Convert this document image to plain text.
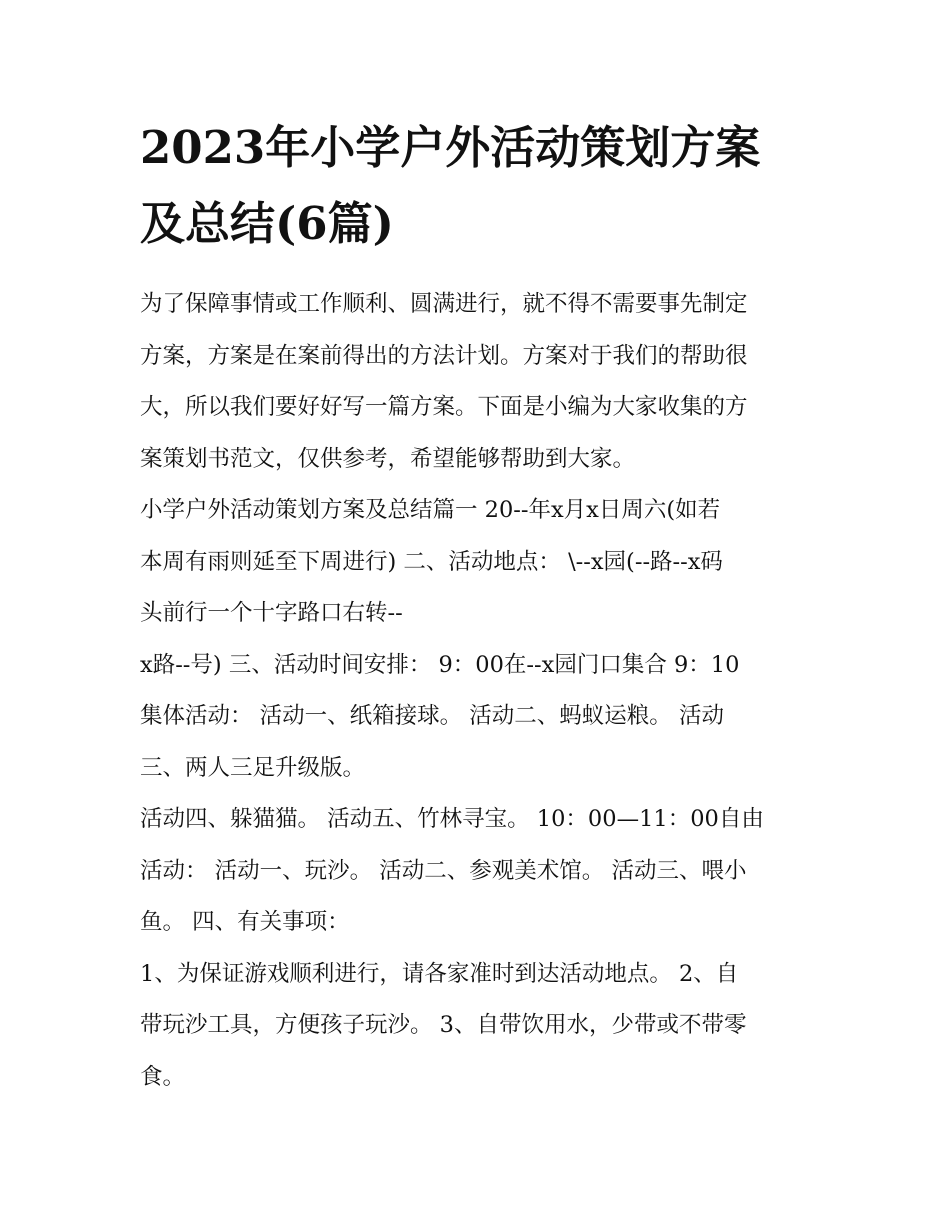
2023年小学户外活动策划方案
及总结(6篇)

为了保障事情或工作顺利、圆满进行，就不得不需要事先制定
方案，方案是在案前得出的方法计划。方案对于我们的帮助很
大，所以我们要好好写一篇方案。下面是小编为大家收集的方
案策划书范文，仅供参考，希望能够帮助到大家。

小学户外活动策划方案及总结篇一 20--年x月x日周六(如若
本周有雨则延至下周进行) 二、活动地点： \--x园(--路--x码
头前行一个十字路口右转--

x路--号) 三、活动时间安排： 9：00在--x园门口集合 9：10
集体活动： 活动一、纸箱接球。 活动二、蚂蚁运粮。 活动
三、两人三足升级版。

活动四、躲猫猫。 活动五、竹林寻宝。 10：00—11：00自由
活动： 活动一、玩沙。 活动二、参观美术馆。 活动三、喂小
鱼。 四、有关事项：

1、为保证游戏顺利进行，请各家准时到达活动地点。 2、自
带玩沙工具，方便孩子玩沙。 3、自带饮用水，少带或不带零
食。
